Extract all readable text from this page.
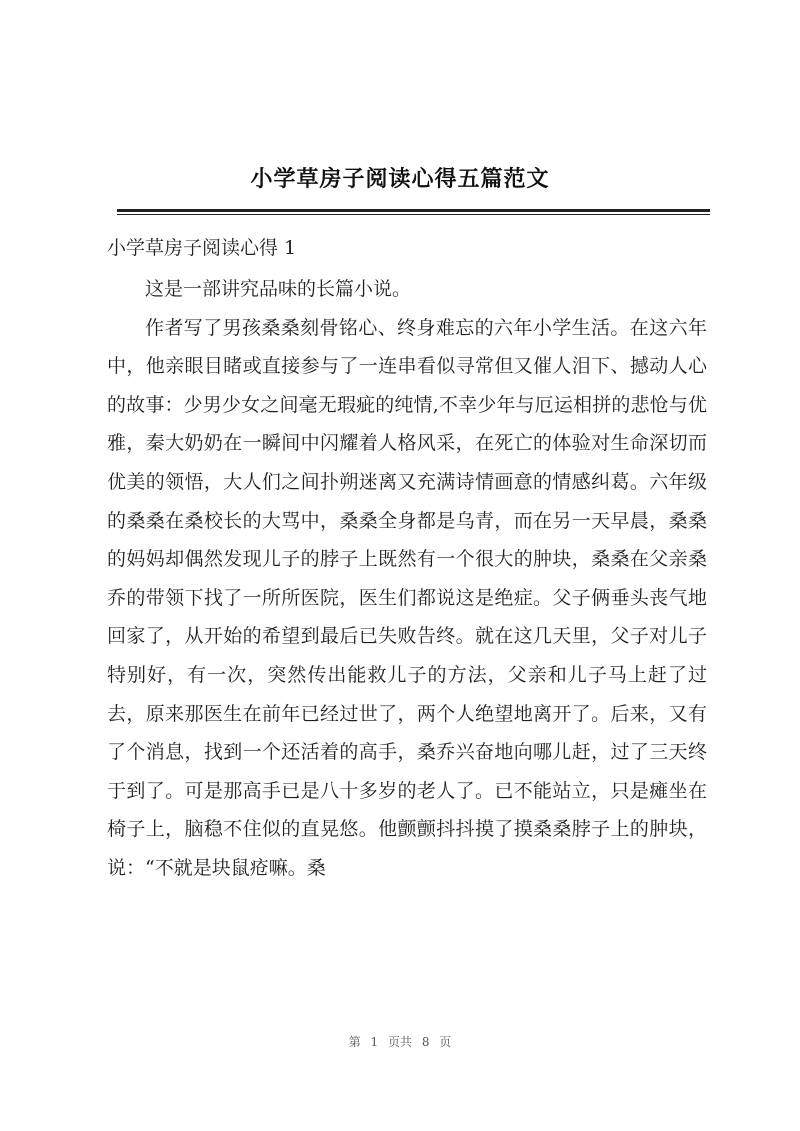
小学草房子阅读心得五篇范文
小学草房子阅读心得 1

这是一部讲究品味的长篇小说。

作者写了男孩桑桑刻骨铭心、终身难忘的六年小学生活。在这六年中，他亲眼目睹或直接参与了一连串看似寻常但又催人泪下、撼动人心的故事：少男少女之间毫无瑕疵的纯情,不幸少年与厄运相拼的悲怆与优雅，秦大奶奶在一瞬间中闪耀着人格风采，在死亡的体验对生命深切而优美的领悟，大人们之间扑朔迷离又充满诗情画意的情感纠葛。六年级的桑桑在桑校长的大骂中，桑桑全身都是乌青，而在另一天早晨，桑桑的妈妈却偶然发现儿子的脖子上既然有一个很大的肿块，桑桑在父亲桑乔的带领下找了一所所医院，医生们都说这是绝症。父子俩垂头丧气地回家了，从开始的希望到最后已失败告终。就在这几天里，父子对儿子特别好，有一次，突然传出能救儿子的方法，父亲和儿子马上赶了过去，原来那医生在前年已经过世了，两个人绝望地离开了。后来，又有了个消息，找到一个还活着的高手，桑乔兴奋地向哪儿赶，过了三天终于到了。可是那高手已是八十多岁的老人了。已不能站立，只是瘫坐在椅子上，脑稳不住似的直晃悠。他颤颤抖抖摸了摸桑桑脖子上的肿块，说：“不就是块鼠疮嘛。桑

第 1 页共 8 页
